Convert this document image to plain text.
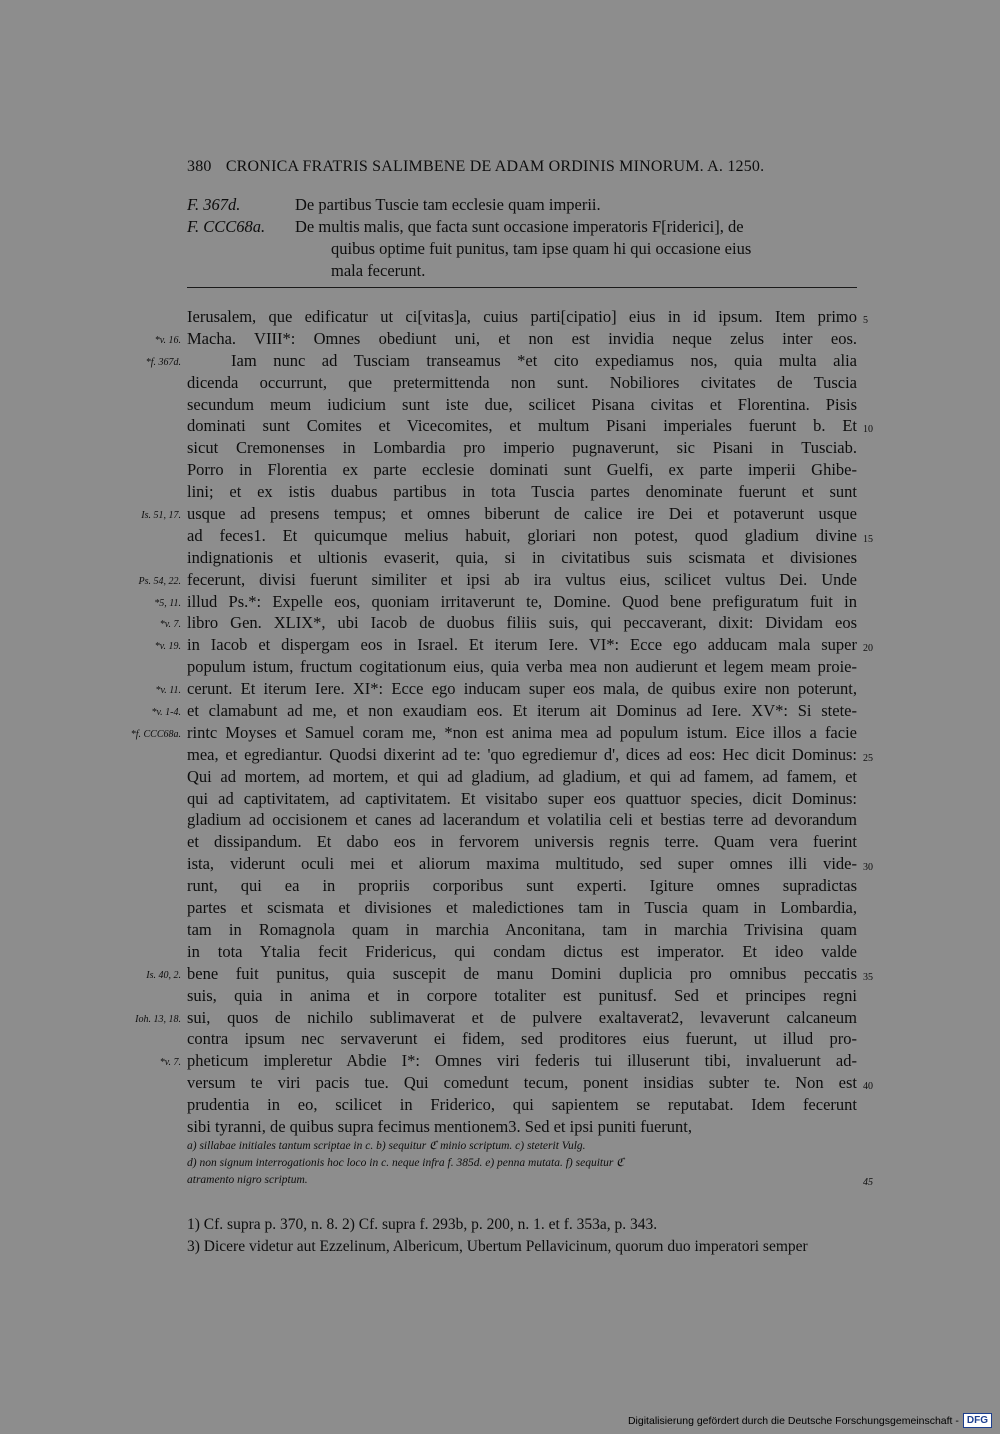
380 CRONICA FRATRIS SALIMBENE DE ADAM ORDINIS MINORUM. A. 1250.
F. 367d.	De partibus Tuscie tam ecclesie quam imperii.
F. CCC68a.	De multis malis, que facta sunt occasione imperatoris F[riderici], de
quibus optime fuit punitus, tam ipse quam hi qui occasione eius
mala fecerunt.
Ierusalem, que edificatur ut ci[vitas]a, cuius parti[cipatio] eius in id ipsum. Item primo 5
Macha. VIII*: Omnes obediunt uni, et non est invidia neque zelus inter eos.
*v. 16.
Iam nunc ad Tusciam transeamus *et cito expediamus nos, quia multa alia
*f. 367d.
dicenda occurrunt, que pretermittenda non sunt. Nobiliores civitates de Tuscia
secundum meum iudicium sunt iste due, scilicet Pisana civitas et Florentina. Pisis
dominati sunt Comites et Vicecomites, et multum Pisani imperiales fuerunt b. Et 10
sicut Cremonenses in Lombardia pro imperio pugnaverunt, sic Pisani in Tusciab.
Porro in Florentia ex parte ecclesie dominati sunt Guelfi, ex parte imperii Ghibe-
lini; et ex istis duabus partibus in tota Tuscia partes denominate fuerunt et sunt
usque ad presens tempus; et omnes biberunt de calice ire Dei et potaverunt usque
Is. 51, 17.
ad feces1. Et quicumque melius habuit, gloriari non potest, quod gladium divine 15
indignationis et ultionis evaserit, quia, si in civitatibus suis scismata et divisiones
fecerunt, divisi fuerunt similiter et ipsi ab ira vultus eius, scilicet vultus Dei. Unde
Ps. 54, 22.
illud Ps.*: Expelle eos, quoniam irritaverunt te, Domine. Quod bene prefiguratum fuit in
*5, 11.
libro Gen. XLIX*, ubi Iacob de duobus filiis suis, qui peccaverant, dixit: Dividam eos
*v. 7.
in Iacob et dispergam eos in Israel. Et iterum Iere. VI*: Ecce ego adducam mala super
*v. 19.	20
populum istum, fructum cogitationum eius, quia verba mea non audierunt et legem meam proie-
cerunt. Et iterum Iere. XI*: Ecce ego inducam super eos mala, de quibus exire non poterunt,
*v. 11.
et clamabunt ad me, et non exaudiam eos. Et iterum ait Dominus ad Iere. XV*: Si stete-
*v. 1-4.
rintc Moyses et Samuel coram me, *non est anima mea ad populum istum. Eice illos a facie
*f. CCC68a.
mea, et egrediantur. Quodsi dixerint ad te: 'quo egrediemur d', dices ad eos: Hec dicit Dominus: 25
Qui ad mortem, ad mortem, et qui ad gladium, ad gladium, et qui ad famem, ad famem, et
qui ad captivitatem, ad captivitatem. Et visitabo super eos quattuor species, dicit Dominus:
gladium ad occisionem et canes ad lacerandum et volatilia celi et bestias terre ad devorandum
et dissipandum. Et dabo eos in fervorem universis regnis terre. Quam vera fuerint
ista, viderunt oculi mei et aliorum maxima multitudo, sed super omnes illi vide- 30
runt, qui ea in propriis corporibus sunt experti. Igiture omnes supradictas
partes et scismata et divisiones et maledictiones tam in Tuscia quam in Lombardia,
tam in Romagnola quam in marchia Anconitana, tam in marchia Trivisina quam
in tota Ytalia fecit Fridericus, qui condam dictus est imperator. Et ideo valde
bene fuit punitus, quia suscepit de manu Domini duplicia pro omnibus peccatis
Is. 40, 2.	35
suis, quia in anima et in corpore totaliter est punitusf. Sed et principes regni
sui, quos de nichilo sublimaverat et de pulvere exaltaverat2, levaverunt calcaneum
Ioh. 13, 18.
contra ipsum nec servaverunt ei fidem, sed proditores eius fuerunt, ut illud pro-
pheticum impleretur Abdie I*: Omnes viri federis tui illuserunt tibi, invaluerunt ad-
*v. 7.
versum te viri pacis tue. Qui comedunt tecum, ponent insidias subter te. Non est 40
prudentia in eo, scilicet in Friderico, qui sapientem se reputabat. Idem fecerunt
sibi tyranni, de quibus supra fecimus mentionem3. Sed et ipsi puniti fuerunt,
a) sillabae initiales tantum scriptae in c. b) sequitur ℭ minio scriptum. c) steterit Vulg.
d) non signum interrogationis hoc loco in c. neque infra f. 385d. e) penna mutata. f) sequitur ℭ
atramento nigro scriptum.	45
1) Cf. supra p. 370, n. 8. 2) Cf. supra f. 293b, p. 200, n. 1. et f. 353a, p. 343.
3) Dicere videtur aut Ezzelinum, Albericum, Ubertum Pellavicinum, quorum duo imperatori semper
Digitalisierung gefördert durch die Deutsche Forschungsgemeinschaft - DFG
